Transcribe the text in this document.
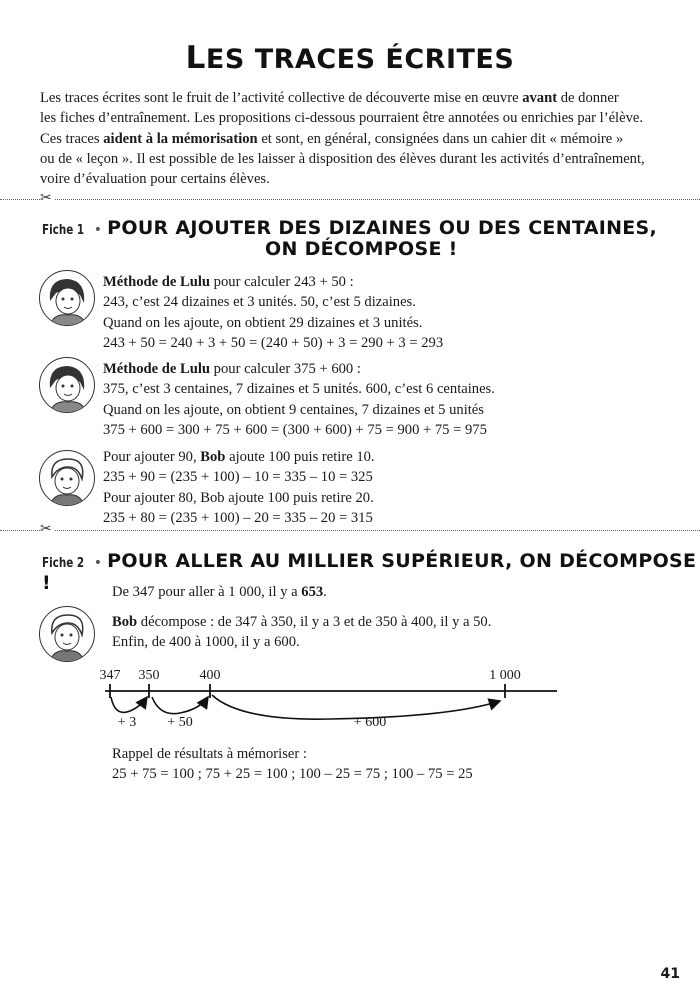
LES TRACES ÉCRITES
Les traces écrites sont le fruit de l’activité collective de découverte mise en œuvre avant de donner
les fiches d’entraînement. Les propositions ci-dessous pourraient être annotées ou enrichies par l’élève.
Ces traces aident à la mémorisation et sont, en général, consignées dans un cahier dit « mémoire »
ou de « leçon ». Il est possible de les laisser à disposition des élèves durant les activités d’entraînement,
voire d’évaluation pour certains élèves.
✂
Fiche 1 • POUR AJOUTER DES DIZAINES OU DES CENTAINES,
ON DÉCOMPOSE !
Méthode de Lulu pour calculer 243 + 50 :
243, c’est 24 dizaines et 3 unités. 50, c’est 5 dizaines.
Quand on les ajoute, on obtient 29 dizaines et 3 unités.
243 + 50 = 240 + 3 + 50 = (240 + 50) + 3 = 290 + 3 = 293
Méthode de Lulu pour calculer 375 + 600 :
375, c’est 3 centaines, 7 dizaines et 5 unités. 600, c’est 6 centaines.
Quand on les ajoute, on obtient 9 centaines, 7 dizaines et 5 unités
375 + 600 = 300 + 75 + 600 = (300 + 600) + 75 = 900 + 75 = 975
Pour ajouter 90, Bob ajoute 100 puis retire 10.
235 + 90 = (235 + 100) – 10 = 335 – 10 = 325
Pour ajouter 80, Bob ajoute 100 puis retire 20.
235 + 80 = (235 + 100) – 20 = 335 – 20 = 315
✂
Fiche 2 • POUR ALLER AU MILLIER SUPÉRIEUR, ON DÉCOMPOSE !	De 347 pour aller à 1 000, il y a 653.
Bob décompose : de 347 à 350, il y a 3 et de 350 à 400, il y a 50.
Enfin, de 400 à 1000, il y a 600.
347 350	400	1 000
+ 3 + 50	+ 600
Rappel de résultats à mémoriser :
25 + 75 = 100 ; 75 + 25 = 100 ; 100 – 25 = 75 ; 100 – 75 = 25
41
